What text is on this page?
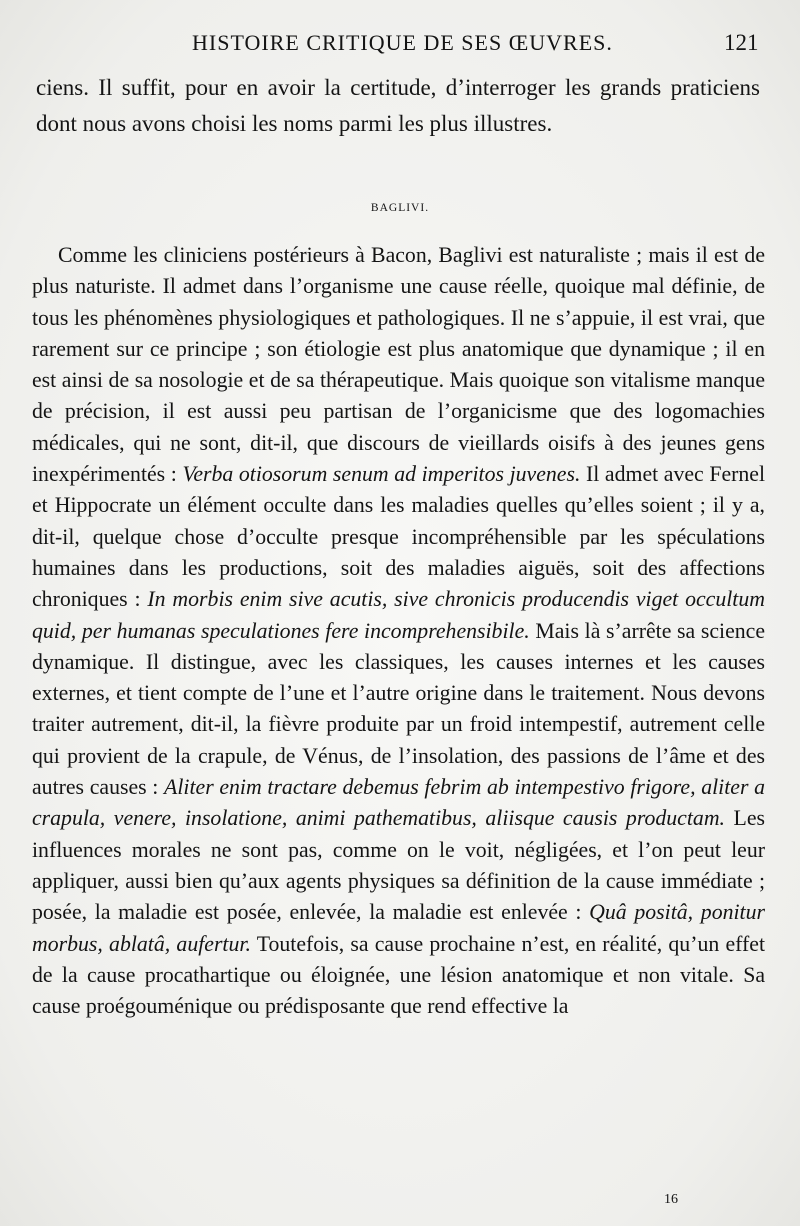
HISTOIRE CRITIQUE DE SES ŒUVRES.	121
ciens. Il suffit, pour en avoir la certitude, d’interroger les grands praticiens dont nous avons choisi les noms parmi les plus illustres.
BAGLIVI.

Comme les cliniciens postérieurs à Bacon, Baglivi est naturaliste ; mais il est de plus naturiste. Il admet dans l’organisme une cause réelle, quoique mal définie, de tous les phénomènes physiologiques et pathologiques. Il ne s’appuie, il est vrai, que rarement sur ce principe ; son étiologie est plus anatomique que dynamique ; il en est ainsi de sa nosologie et de sa thérapeutique. Mais quoique son vitalisme manque de précision, il est aussi peu partisan de l’organicisme que des logomachies médicales, qui ne sont, dit-il, que discours de vieillards oisifs à des jeunes gens inexpérimentés : Verba otiosorum senum ad imperitos juvenes. Il admet avec Fernel et Hippocrate un élément occulte dans les maladies quelles qu’elles soient ; il y a, dit-il, quelque chose d’occulte presque incompréhensible par les spéculations humaines dans les productions, soit des maladies aiguës, soit des affections chroniques : In morbis enim sive acutis, sive chronicis producendis viget occultum quid, per humanas speculationes fere incomprehensibile. Mais là s’arrête sa science dynamique. Il distingue, avec les classiques, les causes internes et les causes externes, et tient compte de l’une et l’autre origine dans le traitement. Nous devons traiter autrement, dit-il, la fièvre produite par un froid intempestif, autrement celle qui provient de la crapule, de Vénus, de l’insolation, des passions de l’âme et des autres causes : Aliter enim tractare debemus febrim ab intempestivo frigore, aliter a crapula, venere, insolatione, animi pathematibus, aliisque causis productam. Les influences morales ne sont pas, comme on le voit, négligées, et l’on peut leur appliquer, aussi bien qu’aux agents physiques sa définition de la cause immédiate ; posée, la maladie est posée, enlevée, la maladie est enlevée : Quâ positâ, ponitur morbus, ablatâ, aufertur. Toutefois, sa cause prochaine n’est, en réalité, qu’un effet de la cause procathartique ou éloignée, une lésion anatomique et non vitale. Sa cause proégouménique ou prédisposante que rend effective la

16
